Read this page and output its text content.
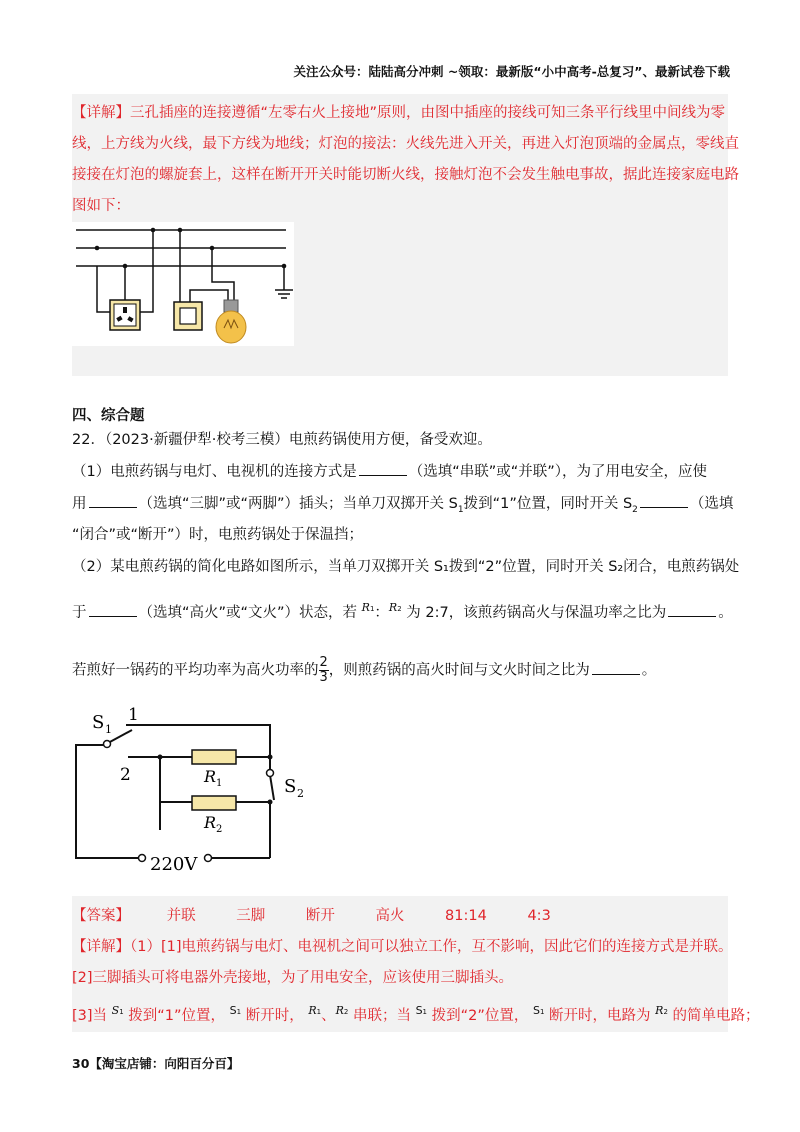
关注公众号：陆陆高分冲刺 ~领取：最新版“小中高考-总复习”、最新试卷下载
【详解】三孔插座的连接遵循“左零右火上接地”原则，由图中插座的接线可知三条平行线里中间线为零
线，上方线为火线，最下方线为地线；灯泡的接法：火线先进入开关，再进入灯泡顶端的金属点，零线直
接接在灯泡的螺旋套上，这样在断开开关时能切断火线，接触灯泡不会发生触电事故，据此连接家庭电路
图如下：
四、综合题
22．（2023·新疆伊犁·校考三模）电煎药锅使用方便，备受欢迎。
（1）电煎药锅与电灯、电视机的连接方式是	（选填“串联”或“并联”），为了用电安全，应使
用	（选填“三脚”或“两脚”）插头；当单刀双掷开关 $S_1$拨到“1”位置，同时开关 $S_2$	（选填
“闭合”或“断开”）时，电煎药锅处于保温挡；
（2）某电煎药锅的简化电路如图所示，当单刀双掷开关 S₁拨到“2”位置，同时开关 S₂闭合，电煎药锅处
于	（选填“高火”或“文火”）状态，若 $^{R1}$：$^{R2}$ 为 2:7，该煎药锅高火与保温功率之比为	。
若煎好一锅药的平均功率为高火功率的 $\frac{2}{3}$，则煎药锅的高火时间与文火时间之比为	。
S 1
1
2	R 1
R 2
S 2
220V
【答案】	并联	三脚	断开	高火	81:14	4:3
【详解】（1）[1]电煎药锅与电灯、电视机之间可以独立工作，互不影响，因此它们的连接方式是并联。
[2]三脚插头可将电器外壳接地，为了用电安全，应该使用三脚插头。
[3]当 $^{S1}$ 拨到“1”位置， $^{S1}$ 断开时， $^{R1}$、$^{R2}$ 串联；当 $^{S1}$ 拨到“2”位置， $^{S1}$ 断开时，电路为 $^{R2}$ 的简单电路；
30【淘宝店铺：向阳百分百】
